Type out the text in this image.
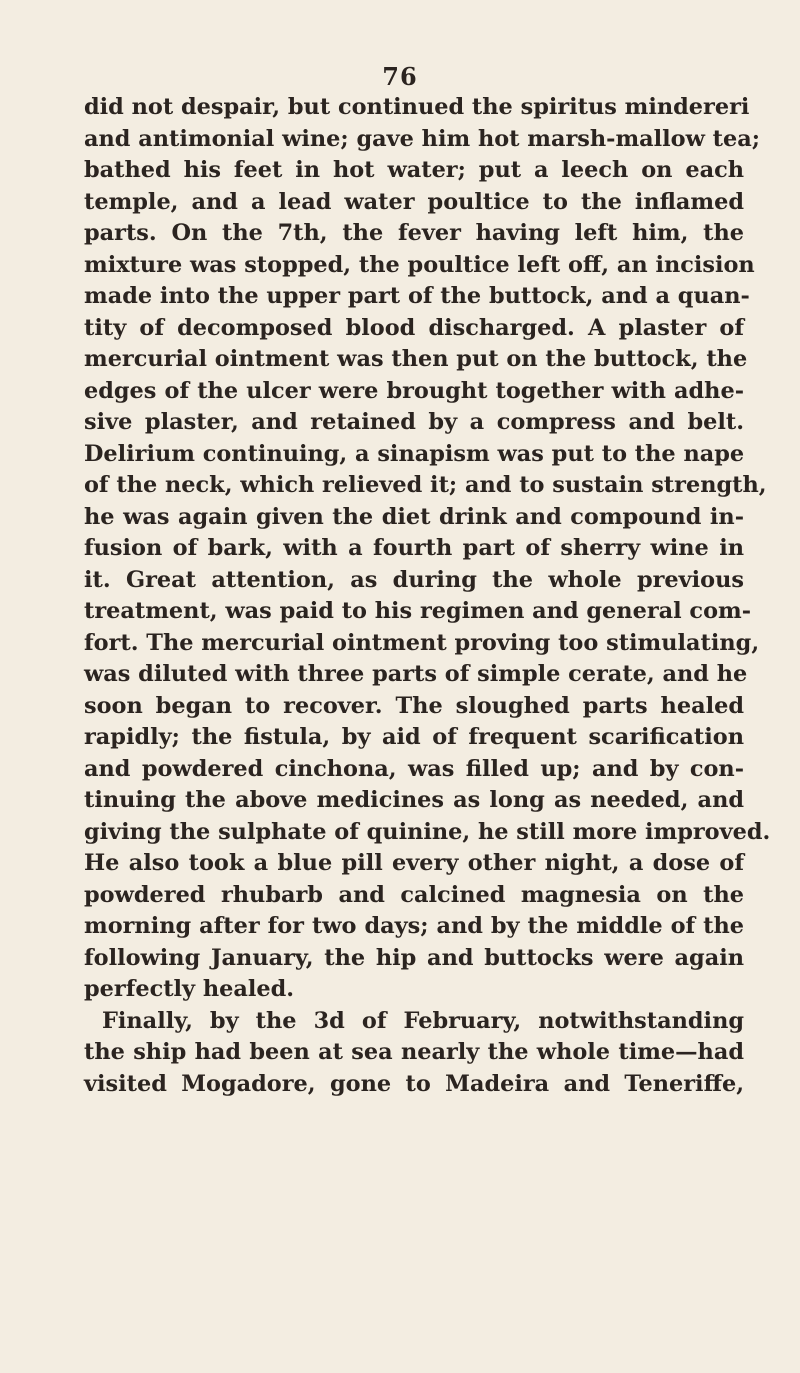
76
did not despair, but continued the spiritus mindereri
and antimonial wine; gave him hot marsh-mallow tea;
bathed his feet in hot water; put a leech on each
temple, and a lead water poultice to the inflamed
parts. On the 7th, the fever having left him, the
mixture was stopped, the poultice left off, an incision
made into the upper part of the buttock, and a quan-
tity of decomposed blood discharged. A plaster of
mercurial ointment was then put on the buttock, the
edges of the ulcer were brought together with adhe-
sive plaster, and retained by a compress and belt.
Delirium continuing, a sinapism was put to the nape
of the neck, which relieved it; and to sustain strength,
he was again given the diet drink and compound in-
fusion of bark, with a fourth part of sherry wine in
it. Great attention, as during the whole previous
treatment, was paid to his regimen and general com-
fort. The mercurial ointment proving too stimulating,
was diluted with three parts of simple cerate, and he
soon began to recover. The sloughed parts healed
rapidly; the fistula, by aid of frequent scarification
and powdered cinchona, was filled up; and by con-
tinuing the above medicines as long as needed, and
giving the sulphate of quinine, he still more improved.
He also took a blue pill every other night, a dose of
powdered rhubarb and calcined magnesia on the
morning after for two days; and by the middle of the
following January, the hip and buttocks were again
perfectly healed.
Finally, by the 3d of February, notwithstanding
the ship had been at sea nearly the whole time—had
visited Mogadore, gone to Madeira and Teneriffe,
